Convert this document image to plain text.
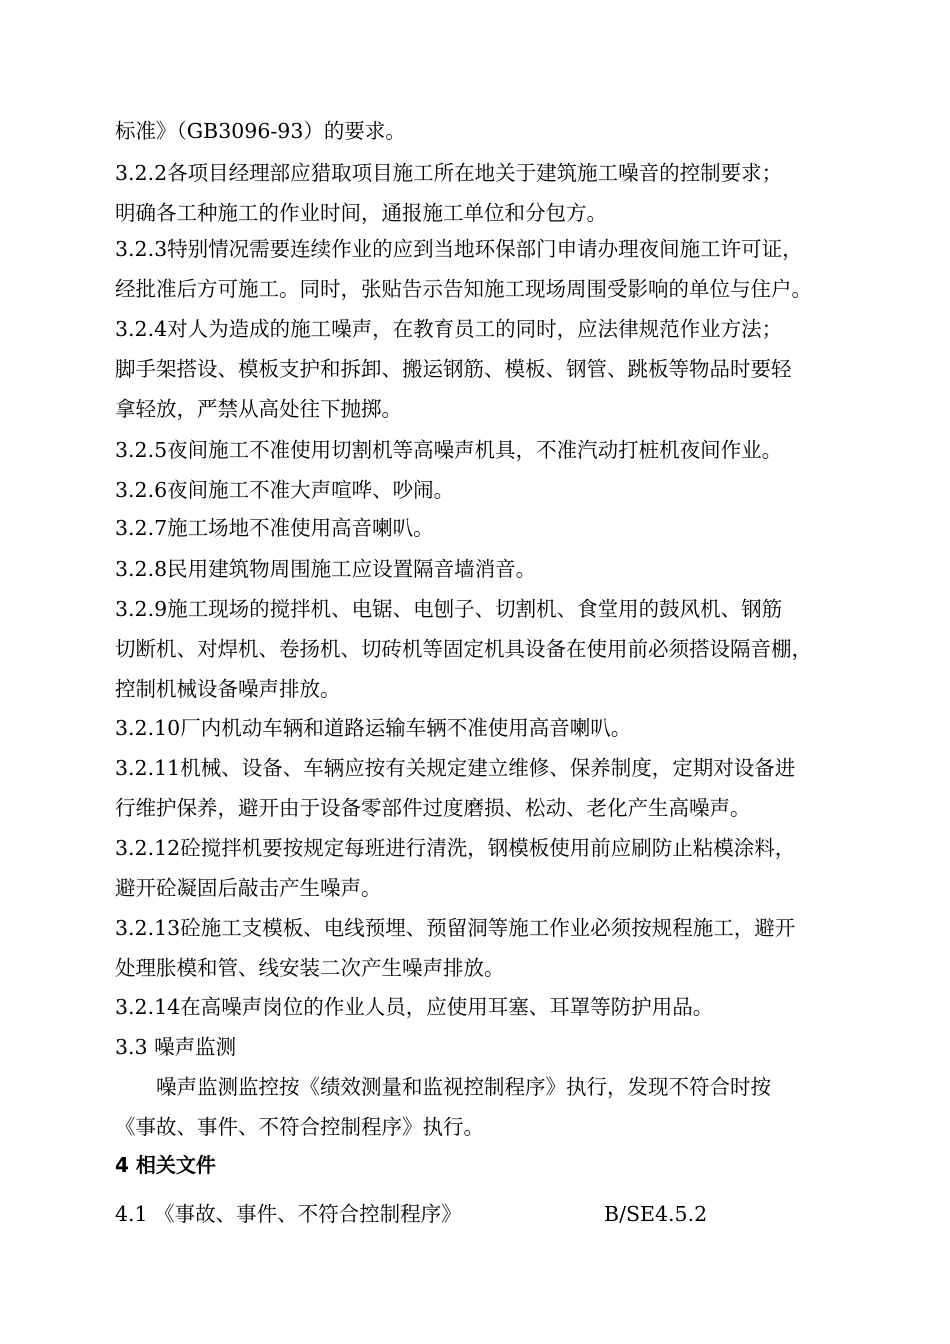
标准》（GB3096-93）的要求。

3.2.2各项目经理部应猎取项目施工所在地关于建筑施工噪音的控制要求；

明确各工种施工的作业时间，通报施工单位和分包方。

3.2.3特别情况需要连续作业的应到当地环保部门申请办理夜间施工许可证，

经批准后方可施工。同时，张贴告示告知施工现场周围受影响的单位与住户。

3.2.4对人为造成的施工噪声，在教育员工的同时，应法律规范作业方法；

脚手架搭设、模板支护和拆卸、搬运钢筋、模板、钢管、跳板等物品时要轻

拿轻放，严禁从高处往下抛掷。

3.2.5夜间施工不准使用切割机等高噪声机具，不准汽动打桩机夜间作业。

3.2.6夜间施工不准大声喧哗、吵闹。

3.2.7施工场地不准使用高音喇叭。

3.2.8民用建筑物周围施工应设置隔音墙消音。

3.2.9施工现场的搅拌机、电锯、电刨子、切割机、食堂用的鼓风机、钢筋

切断机、对焊机、卷扬机、切砖机等固定机具设备在使用前必须搭设隔音棚，

控制机械设备噪声排放。

3.2.10厂内机动车辆和道路运输车辆不准使用高音喇叭。

3.2.11机械、设备、车辆应按有关规定建立维修、保养制度，定期对设备进

行维护保养，避开由于设备零部件过度磨损、松动、老化产生高噪声。

3.2.12砼搅拌机要按规定每班进行清洗，钢模板使用前应刷防止粘模涂料，

避开砼凝固后敲击产生噪声。

3.2.13砼施工支模板、电线预埋、预留洞等施工作业必须按规程施工，避开

处理胀模和管、线安装二次产生噪声排放。

3.2.14在高噪声岗位的作业人员，应使用耳塞、耳罩等防护用品。

3.3 噪声监测

噪声监测监控按《绩效测量和监视控制程序》执行，发现不符合时按

《事故、事件、不符合控制程序》执行。

4 相关文件

4.1 《事故、事件、不符合控制程序》	B/SE4.5.2
